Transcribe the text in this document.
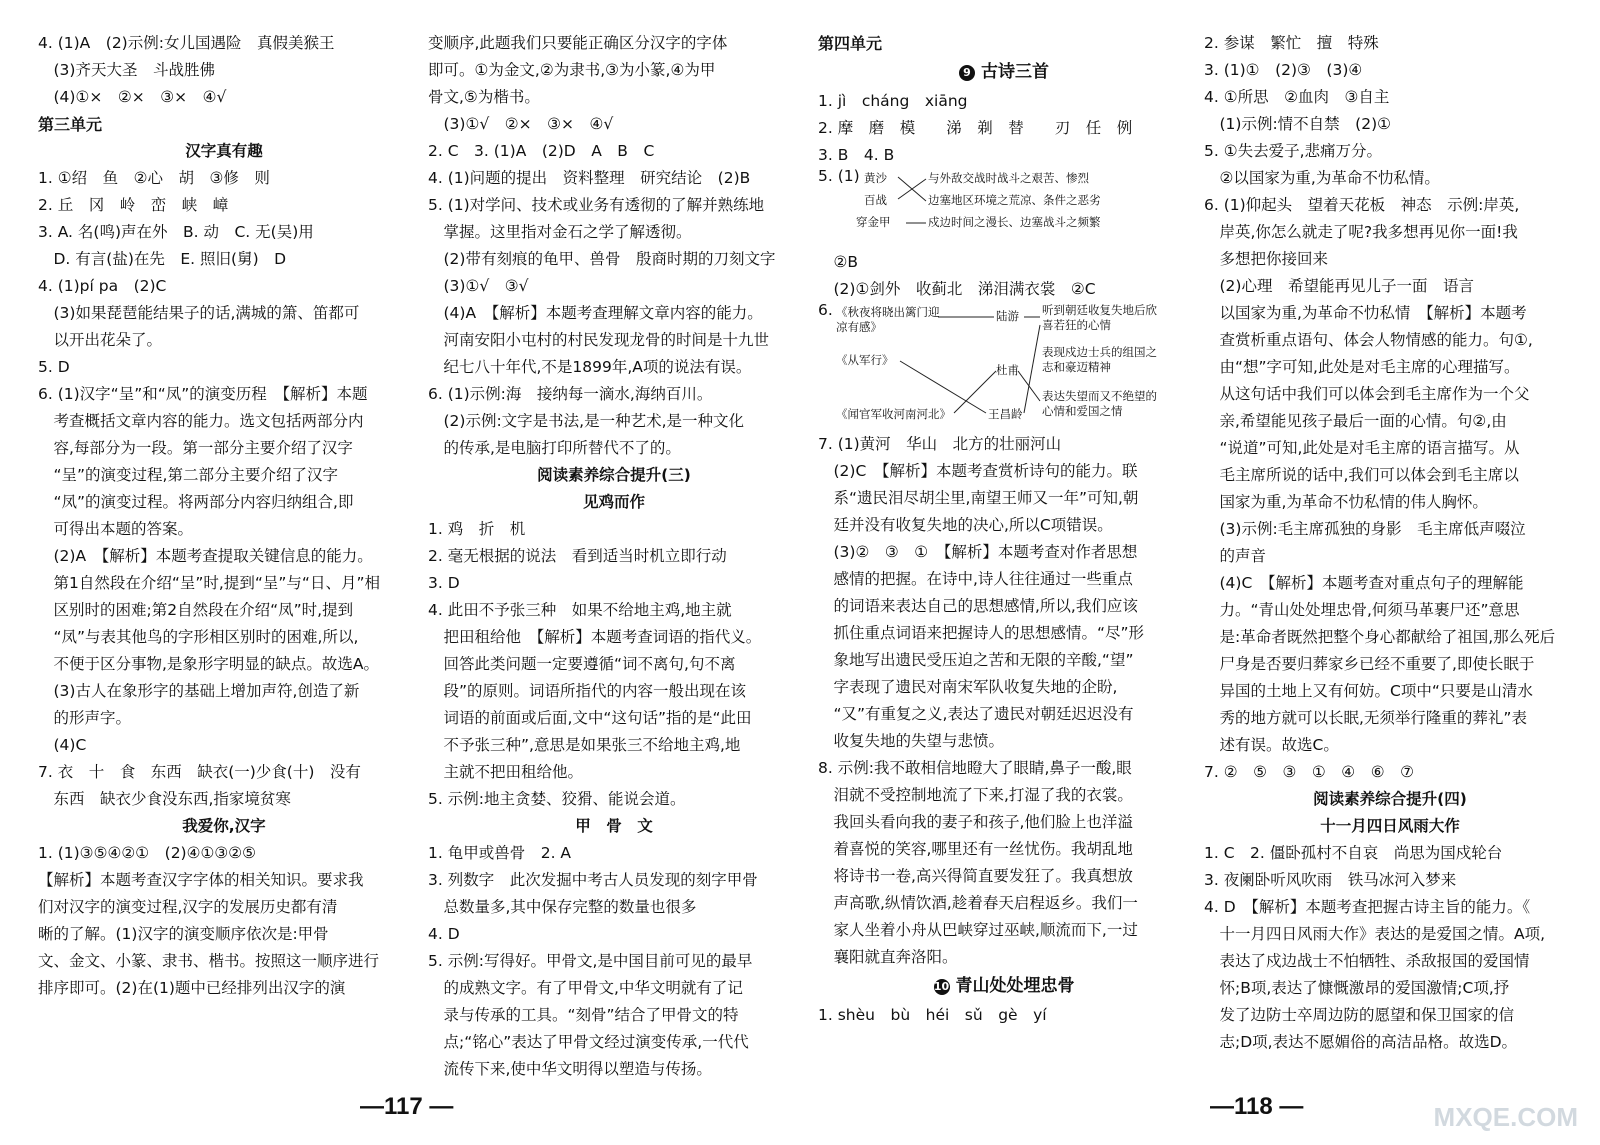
4. (1)A　(2)示例:女儿国遇险　真假美猴王
　(3)齐天大圣　斗战胜佛
　(4)①×　②×　③×　④√
第三单元
汉字真有趣
1. ①绍　鱼　②心　胡　③修　则
2. 丘　冈　岭　峦　峡　嶂
3. A. 名(鸣)声在外　B. 动　C. 无(吴)用
　D. 有言(盐)在先　E. 照旧(舅)　D
4. (1)pí pa　(2)C
　(3)如果琵琶能结果子的话,满城的箫、笛都可
　以开出花朵了。
5. D
6. (1)汉字“呈”和“凤”的演变历程　【解析】本题
　考查概括文章内容的能力。选文包括两部分内
　容,每部分为一段。第一部分主要介绍了汉字
　“呈”的演变过程,第二部分主要介绍了汉字
　“凤”的演变过程。将两部分内容归纳组合,即
　可得出本题的答案。
　(2)A　【解析】本题考查提取关键信息的能力。
　第1自然段在介绍“呈”时,提到“呈”与“日、月”相
　区别时的困难;第2自然段在介绍“凤”时,提到
　“凤”与表其他鸟的字形相区别时的困难,所以,
　不便于区分事物,是象形字明显的缺点。故选A。
　(3)古人在象形字的基础上增加声符,创造了新
　的形声字。
　(4)C
7. 衣　十　食　东西　缺衣(一)少食(十)　没有
　东西　缺衣少食没东西,指家境贫寒
我爱你,汉字
1. (1)③⑤④②①　(2)④①③②⑤
【解析】本题考查汉字字体的相关知识。要求我
们对汉字的演变过程,汉字的发展历史都有清
晰的了解。(1)汉字的演变顺序依次是:甲骨
文、金文、小篆、隶书、楷书。按照这一顺序进行
排序即可。(2)在(1)题中已经排列出汉字的演
变顺序,此题我们只要能正确区分汉字的字体
即可。①为金文,②为隶书,③为小篆,④为甲
骨文,⑤为楷书。
　(3)①√　②×　③×　④√
2. C　3. (1)A　(2)D　A　B　C
4. (1)问题的提出　资料整理　研究结论　(2)B
5. (1)对学问、技术或业务有透彻的了解并熟练地
　掌握。这里指对金石之学了解透彻。
　(2)带有刻痕的龟甲、兽骨　殷商时期的刀刻文字
　(3)①√　③√
　(4)A　【解析】本题考查理解文章内容的能力。
　河南安阳小屯村的村民发现龙骨的时间是十九世
　纪七八十年代,不是1899年,A项的说法有误。
6. (1)示例:海　接纳每一滴水,海纳百川。
　(2)示例:文字是书法,是一种艺术,是一种文化
　的传承,是电脑打印所替代不了的。
阅读素养综合提升(三)
见鸡而作
1. 鸡　折　机
2. 毫无根据的说法　看到适当时机立即行动
3. D
4. 此田不予张三种　如果不给地主鸡,地主就
　把田租给他　【解析】本题考查词语的指代义。
　回答此类问题一定要遵循“词不离句,句不离
　段”的原则。词语所指代的内容一般出现在该
　词语的前面或后面,文中“这句话”指的是“此田
　不予张三种”,意思是如果张三不给地主鸡,地
　主就不把田租给他。
5. 示例:地主贪婪、狡猾、能说会道。
甲　骨　文
1. 龟甲或兽骨　2. A
3. 列数字　此次发掘中考古人员发现的刻字甲骨
　总数量多,其中保存完整的数量也很多
4. D
5. 示例:写得好。甲骨文,是中国目前可见的最早
　的成熟文字。有了甲骨文,中华文明就有了记
　录与传承的工具。“刻骨”结合了甲骨文的特
　点;“铭心”表达了甲骨文经过演变传承,一代代
　流传下来,使中华文明得以塑造与传扬。
第四单元
9 古诗三首
1. jì　cháng　xiāng
2. 摩　磨　模　　涕　剃　替　　刃　任　例
3. B　4. B
5. (1) 黄沙
百战
穿金甲
与外敌交战时战斗之艰苦、惨烈
边塞地区环境之荒凉、条件之恶劣
戍边时间之漫长、边塞战斗之频繁
　②B
　(2)①剑外　收蓟北　涕泪满衣裳　②C
6. 《秋夜将晓出篱门迎凉有感》
《从军行》
《闻官军收河南河北》
陆游
杜甫
王昌龄
听到朝廷收复失地后欣喜若狂的心情
表现戍边士兵的组国之志和豪迈精神
表达失望而又不绝望的心情和爱国之情
7. (1)黄河　华山　北方的壮丽河山
　(2)C　【解析】本题考查赏析诗句的能力。联
　系“遗民泪尽胡尘里,南望王师又一年”可知,朝
　廷并没有收复失地的决心,所以C项错误。
　(3)②　③　①　【解析】本题考查对作者思想
　感情的把握。在诗中,诗人往往通过一些重点
　的词语来表达自己的思想感情,所以,我们应该
　抓住重点词语来把握诗人的思想感情。“尽”形
　象地写出遗民受压迫之苦和无限的辛酸,“望”
　字表现了遗民对南宋军队收复失地的企盼,
　“又”有重复之义,表达了遗民对朝廷迟迟没有
　收复失地的失望与悲愤。
8. 示例:我不敢相信地瞪大了眼睛,鼻子一酸,眼
　泪就不受控制地流了下来,打湿了我的衣裳。
　我回头看向我的妻子和孩子,他们脸上也洋溢
　着喜悦的笑容,哪里还有一丝忧伤。我胡乱地
　将诗书一卷,高兴得简直要发狂了。我真想放
　声高歌,纵情饮酒,趁着春天启程返乡。我们一
　家人坐着小舟从巴峡穿过巫峡,顺流而下,一过
　襄阳就直奔洛阳。
10 青山处处埋忠骨
1. shèu　bù　héi　sǔ　gè　yí
2. 参谋　繁忙　擅　特殊
3. (1)①　(2)③　(3)④
4. ①所思　②血肉　③自主
　(1)示例:情不自禁　(2)①
5. ①失去爱子,悲痛万分。
　②以国家为重,为革命不忇私情。
6. (1)仰起头　望着天花板　神态　示例:岸英,
　岸英,你怎么就走了呢?我多想再见你一面!我
　多想把你接回来
　(2)心理　希望能再见儿子一面　语言
　以国家为重,为革命不忇私情　【解析】本题考
　查赏析重点语句、体会人物情感的能力。句①,
　由“想”字可知,此处是对毛主席的心理描写。
　从这句话中我们可以体会到毛主席作为一个父
　亲,希望能见孩子最后一面的心情。句②,由
　“说道”可知,此处是对毛主席的语言描写。从
　毛主席所说的话中,我们可以体会到毛主席以
　国家为重,为革命不忇私情的伟人胸怀。
　(3)示例:毛主席孤独的身影　毛主席低声啜泣
　的声音
　(4)C　【解析】本题考查对重点句子的理解能
　力。“青山处处埋忠骨,何须马革裹尸还”意思
　是:革命者既然把整个身心都献给了祖国,那么死后
　尸身是否要归葬家乡已经不重要了,即使长眠于
　异国的土地上又有何妨。C项中“只要是山清水
　秀的地方就可以长眠,无须举行隆重的葬礼”表
　述有误。故选C。
7. ②　⑤　③　①　④　⑥　⑦
阅读素养综合提升(四)
十一月四日风雨大作
1. C　2. 僵卧孤村不自哀　尚思为国戍轮台
3. 夜阑卧听风吹雨　铁马冰河入梦来
4. D　【解析】本题考查把握古诗主旨的能力。《
　十一月四日风雨大作》表达的是爱国之情。A项,
　表达了戍边战士不怕牺牲、杀敌报国的爱国情
　怀;B项,表达了慷慨激昂的爱国激情;C项,抒
　发了边防士卒周边防的愿望和保卫国家的信
　志;D项,表达不愿媚俗的高洁品格。故选D。
—117 —	—118 —	MXQE.COM
